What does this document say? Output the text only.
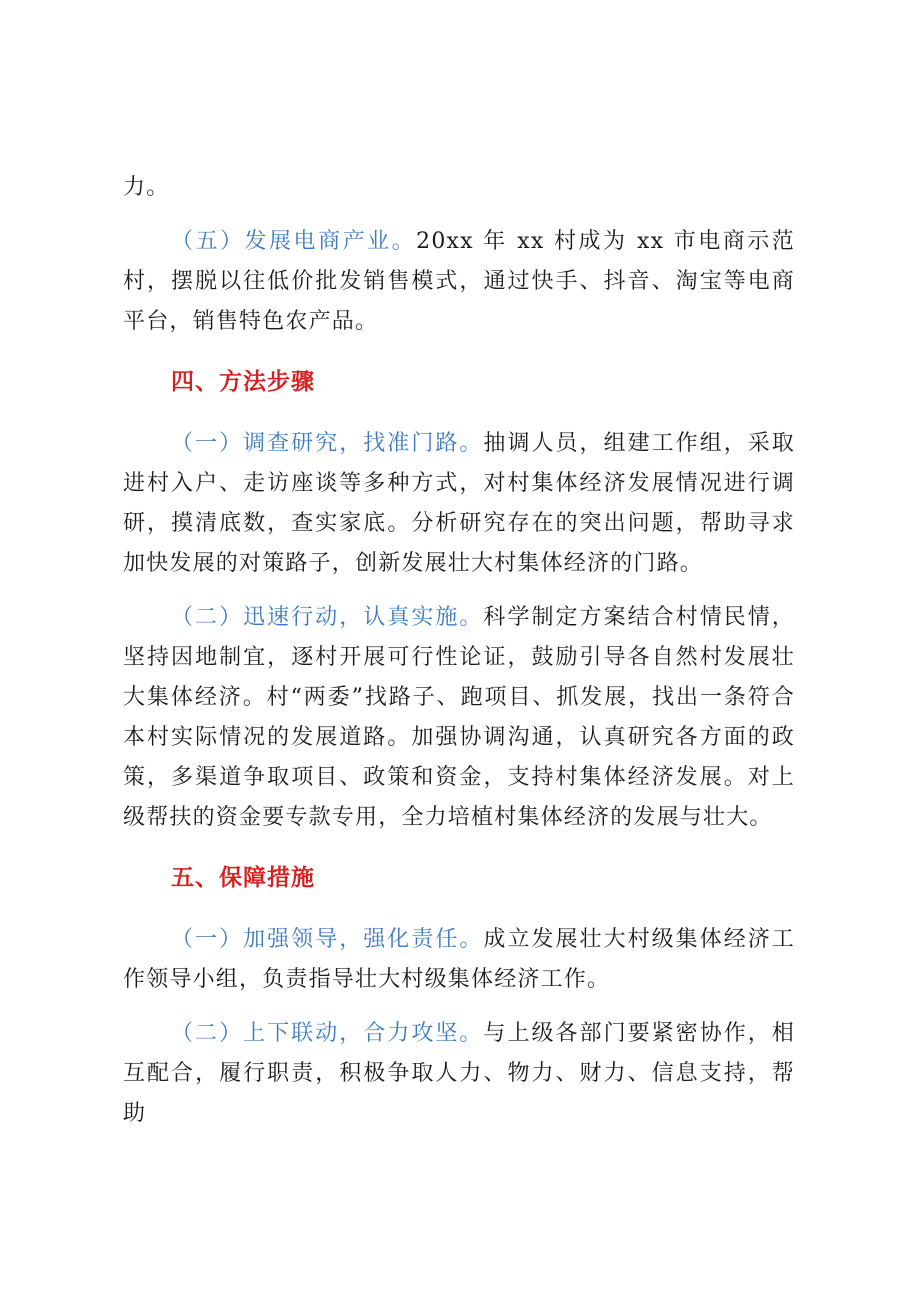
力。

（五）发展电商产业。20xx 年 xx 村成为 xx 市电商示范村，摆脱以往低价批发销售模式，通过快手、抖音、淘宝等电商平台，销售特色农产品。

四、方法步骤

（一）调查研究，找准门路。抽调人员，组建工作组，采取进村入户、走访座谈等多种方式，对村集体经济发展情况进行调研，摸清底数，查实家底。分析研究存在的突出问题，帮助寻求加快发展的对策路子，创新发展壮大村集体经济的门路。

（二）迅速行动，认真实施。科学制定方案结合村情民情，坚持因地制宜，逐村开展可行性论证，鼓励引导各自然村发展壮大集体经济。村“两委”找路子、跑项目、抓发展，找出一条符合本村实际情况的发展道路。加强协调沟通，认真研究各方面的政策，多渠道争取项目、政策和资金，支持村集体经济发展。对上级帮扶的资金要专款专用，全力培植村集体经济的发展与壮大。

五、保障措施

（一）加强领导，强化责任。成立发展壮大村级集体经济工作领导小组，负责指导壮大村级集体经济工作。

（二）上下联动，合力攻坚。与上级各部门要紧密协作，相互配合，履行职责，积极争取人力、物力、财力、信息支持，帮助
